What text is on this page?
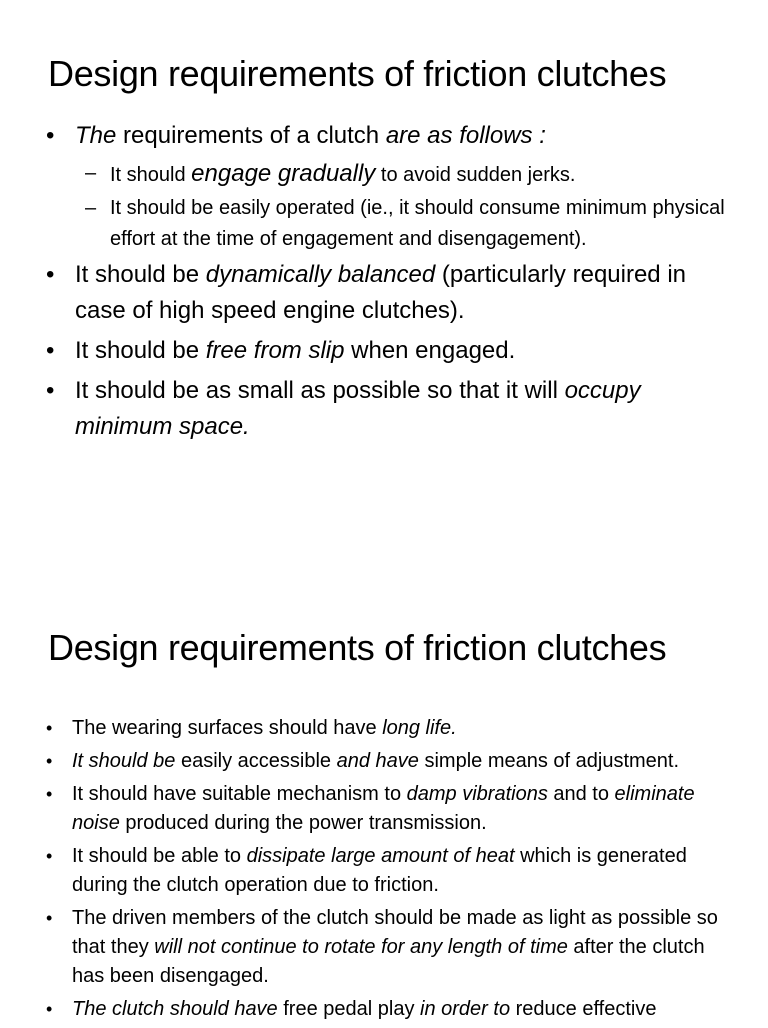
Design requirements of friction clutches
• The requirements of a clutch are as follows :
– It should engage gradually to avoid sudden jerks.
– It should be easily operated (ie., it should consume minimum physical effort at the time of engagement and disengagement).
• It should be dynamically balanced (particularly required in case of high speed engine clutches).
• It should be free from slip when engaged.
• It should be as small as possible so that it will occupy minimum space.
Design requirements of friction clutches
• The wearing surfaces should have long life.
• It should be easily accessible and have simple means of adjustment.
• It should have suitable mechanism to damp vibrations and to eliminate noise produced during the power transmission.
• It should be able to dissipate large amount of heat which is generated during the clutch operation due to friction.
• The driven members of the clutch should be made as light as possible so that they will not continue to rotate for any length of time after the clutch has been disengaged.
• The clutch should have free pedal play in order to reduce effective
